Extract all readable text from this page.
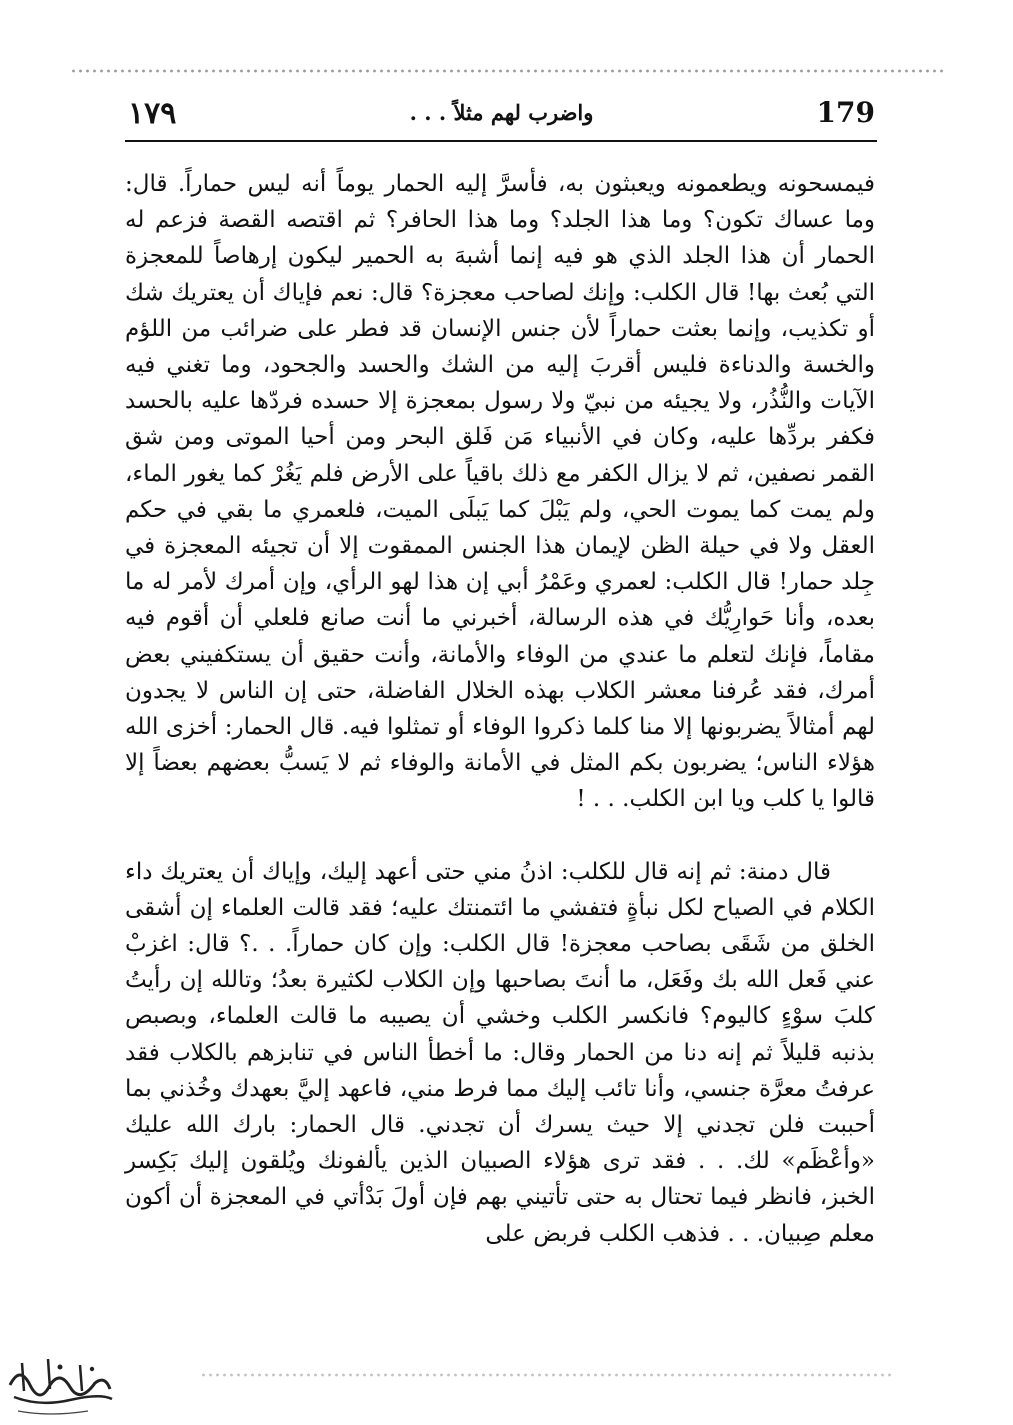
١٧٩	واضرب لهم مثلاً . . .	179

فيمسحونه ويطعمونه ويعبثون به، فأسرَّ إليه الحمار يوماً أنه ليس حماراً. قال: وما عساك تكون؟ وما هذا الجلد؟ وما هذا الحافر؟ ثم اقتصه القصة فزعم له الحمار أن هذا الجلد الذي هو فيه إنما أشبهَ به الحمير ليكون إرهاصاً للمعجزة التي بُعث بها! قال الكلب: وإنك لصاحب معجزة؟ قال: نعم فإياك أن يعتريك شك أو تكذيب، وإنما بعثت حماراً لأن جنس الإنسان قد فطر على ضرائب من اللؤم والخسة والدناءة فليس أقربَ إليه من الشك والحسد والجحود، وما تغني فيه الآيات والنُّذُر، ولا يجيئه من نبيّ ولا رسول بمعجزة إلا حسده فردّها عليه بالحسد فكفر بردِّها عليه، وكان في الأنبياء مَن فَلق البحر ومن أحيا الموتى ومن شق القمر نصفين، ثم لا يزال الكفر مع ذلك باقياً على الأرض فلم يَغُرْ كما يغور الماء، ولم يمت كما يموت الحي، ولم يَبْلَ كما يَبلَى الميت، فلعمري ما بقي في حكم العقل ولا في حيلة الظن لإيمان هذا الجنس الممقوت إلا أن تجيئه المعجزة في جِلد حمار! قال الكلب: لعمري وعَمْرُ أبي إن هذا لهو الرأي، وإن أمرك لأمر له ما بعده، وأنا حَوارِيُّك في هذه الرسالة، أخبرني ما أنت صانع فلعلي أن أقوم فيه مقاماً، فإنك لتعلم ما عندي من الوفاء والأمانة، وأنت حقيق أن يستكفيني بعض أمرك، فقد عُرفنا معشر الكلاب بهذه الخلال الفاضلة، حتى إن الناس لا يجدون لهم أمثالاً يضربونها إلا منا كلما ذكروا الوفاء أو تمثلوا فيه. قال الحمار: أخزى الله هؤلاء الناس؛ يضربون بكم المثل في الأمانة والوفاء ثم لا يَسبُّ بعضهم بعضاً إلا قالوا يا كلب ويا ابن الكلب. . . !

قال دمنة: ثم إنه قال للكلب: اذنُ مني حتى أعهد إليك، وإياك أن يعتريك داء الكلام في الصياح لكل نبأةٍ فتفشي ما ائتمنتك عليه؛ فقد قالت العلماء إن أشقى الخلق من شَقَى بصاحب معجزة! قال الكلب: وإن كان حماراً. . .؟ قال: اغزبْ عني فَعل الله بك وفَعَل، ما أنتَ بصاحبها وإن الكلاب لكثيرة بعدُ؛ وتالله إن رأيتُ كلبَ سوْءٍ كاليوم؟ فانكسر الكلب وخشي أن يصيبه ما قالت العلماء، وبصبص بذنبه قليلاً ثم إنه دنا من الحمار وقال: ما أخطأ الناس في تنابزهم بالكلاب فقد عرفتُ معرَّة جنسي، وأنا تائب إليك مما فرط مني، فاعهد إليَّ بعهدك وخُذني بما أحببت فلن تجدني إلا حيث يسرك أن تجدني. قال الحمار: بارك الله عليك «وأعْظَم» لك. . . فقد ترى هؤلاء الصبيان الذين يألفونك ويُلقون إليك بَكِسر الخبز، فانظر فيما تحتال به حتى تأتيني بهم فإن أولَ بَدْأتي في المعجزة أن أكون معلم صِبيان. . . فذهب الكلب فربض على
